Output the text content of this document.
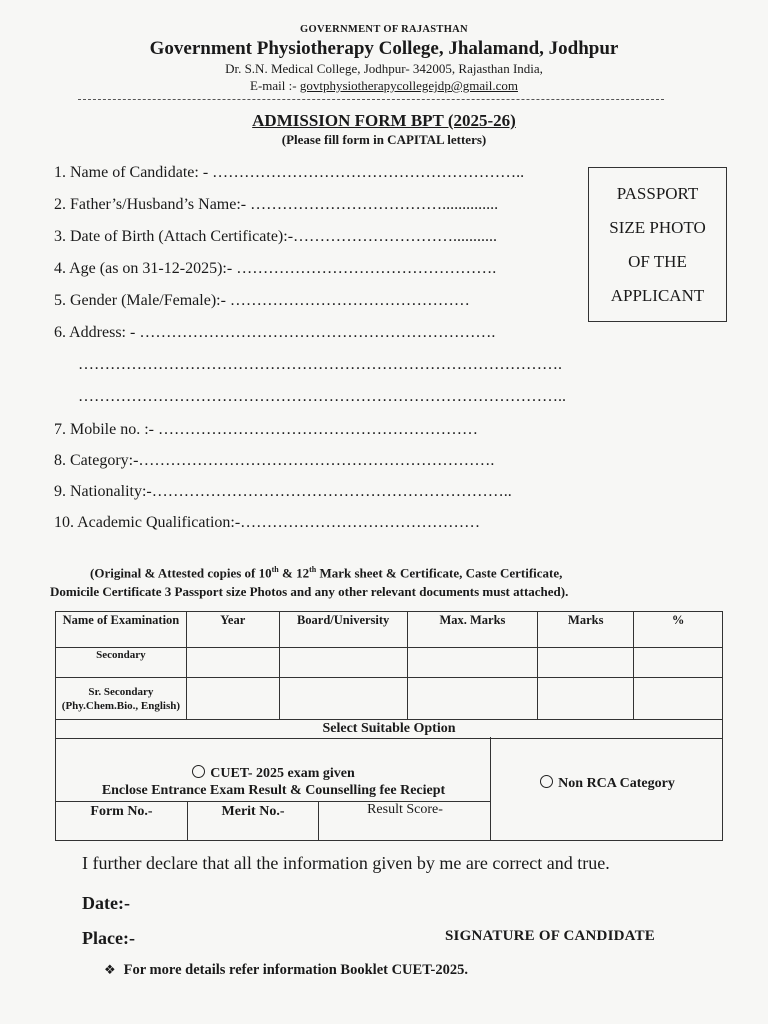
GOVERNMENT OF RAJASTHAN
Government Physiotherapy College, Jhalamand, Jodhpur
Dr. S.N. Medical College, Jodhpur- 342005, Rajasthan India,
E-mail :- govtphysiotherapycollegejdp@gmail.com
ADMISSION FORM BPT (2025-26)
(Please fill form in CAPITAL letters)
1. Name of Candidate: - …………………………………………………..
2. Father’s/Husband’s Name:- ………………………………..............
3. Date of Birth (Attach Certificate):-…………………………...........
4. Age (as on 31-12-2025):- ………………………………………….
5. Gender (Male/Female):- ………………………………………
6. Address: - ………………………………………………………….
……………………………………………………………………………….
………………………………………………………………………………..
7. Mobile no. :- ……………………………………………………
8. Category:-………………………………………………………….
9. Nationality:-…………………………………………………………..
10. Academic Qualification:-………………………………………
PASSPORT
SIZE PHOTO
OF THE
APPLICANT
(Original & Attested copies of 10th & 12th Mark sheet & Certificate, Caste Certificate,
Domicile Certificate 3 Passport size Photos and any other relevant documents must attached).
Name of Examination	Year	Board/University	Max. Marks	Marks	%
Secondary					
Sr. Secondary (Phy.Chem.Bio., English)					
Select Suitable Option					
CUET- 2025 exam given
Enclose Entrance Exam Result & Counselling fee Reciept
Form No.-	Merit No.-	Result Score-
Non RCA Category
I further declare that all the information given by me are correct and true.
Date:-
Place:-	SIGNATURE OF CANDIDATE
❖ For more details refer information Booklet CUET-2025.
